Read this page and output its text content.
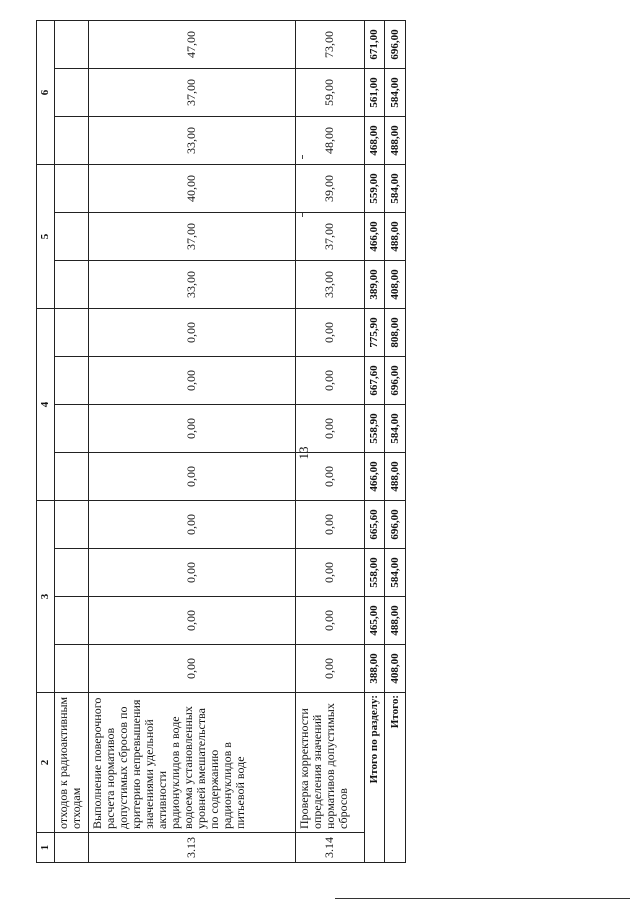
13
1	2	3				4				5			6		
	отходов к радиоактивным отходам														
3.13	Выполнение поверочного расчета нормативов допустимых сбросов по критерию непревышения значениями удельной активности радионуклидов в воде водоема установленных уровней вмешательства по содержанию радионуклидов в питьевой воде	0,00	0,00	0,00	0,00	0,00	0,00	0,00	0,00	33,00	37,00	40,00	33,00	37,00	47,00
3.14	Проверка корректности определения значений нормативов допустимых сбросов	0,00	0,00	0,00	0,00	0,00	0,00	0,00	0,00	33,00	37,00	39,00	48,00	59,00	73,00
Итого по разделу:		388,00	465,00	558,00	665,60	466,00	558,90	667,60	775,90	389,00	466,00	559,00	468,00	561,00	671,00
Итого:		408,00	488,00	584,00	696,00	488,00	584,00	696,00	808,00	408,00	488,00	584,00	488,00	584,00	696,00
